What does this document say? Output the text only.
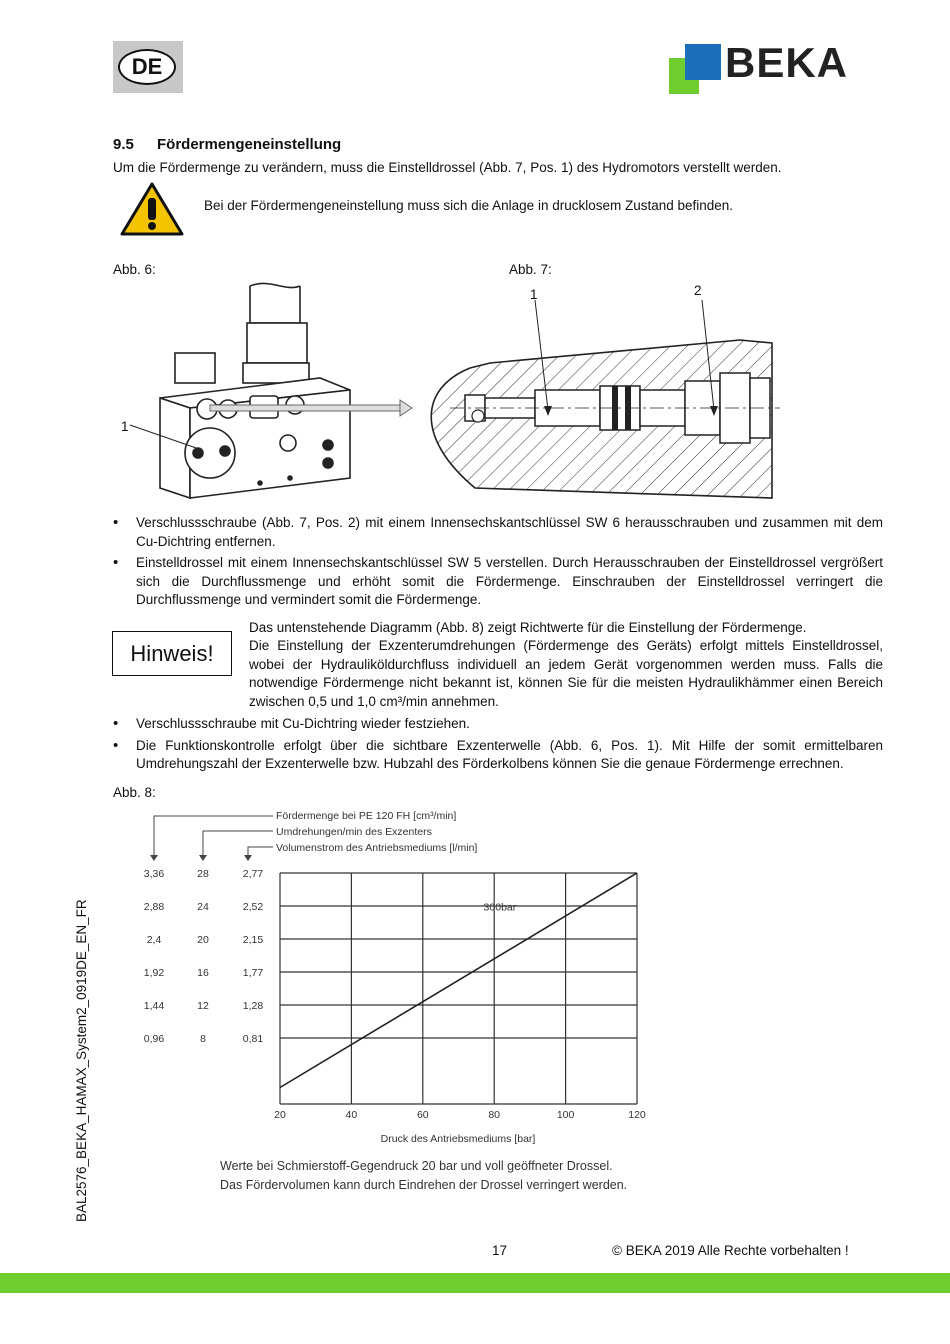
DE	BEKA
9.5 Fördermengeneinstellung
Um die Fördermenge zu verändern, muss die Einstelldrossel (Abb. 7, Pos. 1) des Hydromotors verstellt werden.
Bei der Fördermengeneinstellung muss sich die Anlage in drucklosem Zustand befinden.
Abb. 6:	Abb. 7:
1
1	2
• Verschlussschraube (Abb. 7, Pos. 2) mit einem Innensechskantschlüssel SW 6 herausschrauben und zusammen mit dem Cu-Dichtring entfernen.
• Einstelldrossel mit einem Innensechskantschlüssel SW 5 verstellen. Durch Herausschrauben der Einstelldrossel vergrößert sich die Durchflussmenge und erhöht somit die Fördermenge. Einschrauben der Einstelldrossel verringert die Durchflussmenge und vermindert somit die Fördermenge.
Hinweis!
Das untenstehende Diagramm (Abb. 8) zeigt Richtwerte für die Einstellung der Fördermenge.
Die Einstellung der Exzenterumdrehungen (Fördermenge des Geräts) erfolgt mittels Einstelldrossel, wobei der Hydrauliköldurchfluss individuell an jedem Gerät vorgenommen werden muss. Falls die notwendige Fördermenge nicht bekannt ist, können Sie für die meisten Hydraulikhämmer einen Bereich zwischen 0,5 und 1,0 cm³/min annehmen.
• Verschlussschraube mit Cu-Dichtring wieder festziehen.
• Die Funktionskontrolle erfolgt über die sichtbare Exzenterwelle (Abb. 6, Pos. 1). Mit Hilfe der somit ermittelbaren Umdrehungszahl der Exzenterwelle bzw. Hubzahl des Förderkolbens können Sie die genaue Fördermenge errechnen.
Abb. 8:
Fördermenge bei PE 120 FH [cm³/min]
Umdrehungen/min des Exzenters
Volumenstrom des Antriebsmediums [l/min]
3,36
2,88
2,4
1,92
1,44
0,96
28
24
20
16
12
8
2,77
2,52
2,15
1,77
1,28
0,81
20	40	60	80	100	120
300bar
Druck des Antriebsmediums [bar]
Werte bei Schmierstoff-Gegendruck 20 bar und voll geöffneter Drossel.
Das Fördervolumen kann durch Eindrehen der Drossel verringert werden.
BAL2576_BEKA_HAMAX_System2_0919DE_EN_FR
17	© BEKA 2019 Alle Rechte vorbehalten !
